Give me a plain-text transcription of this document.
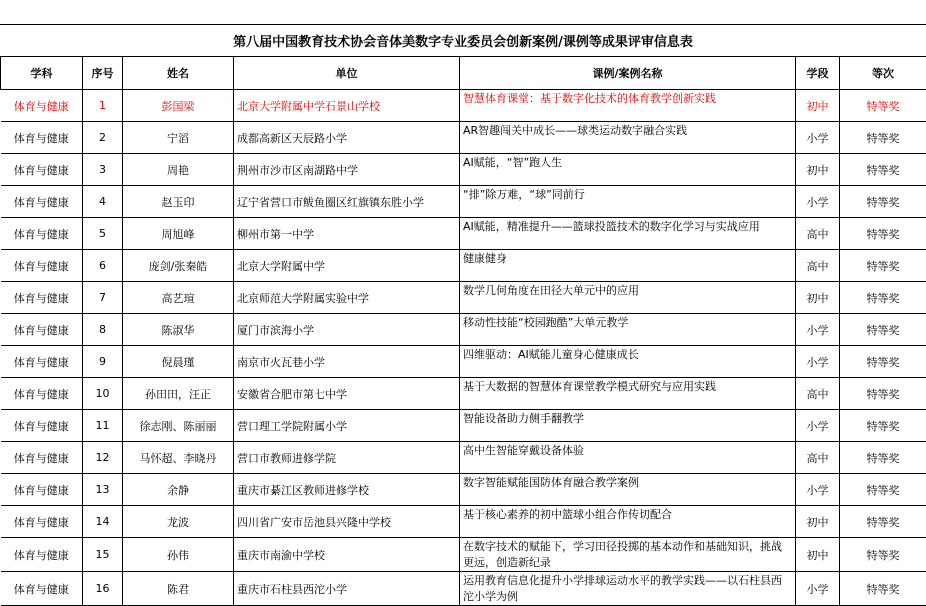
第八届中国教育技术协会音体美数字专业委员会创新案例/课例等成果评审信息表
学科	序号	姓名	单位	课例/案例名称	学段	等次
体育与健康	1	彭国梁	北京大学附属中学石景山学校	智慧体育课堂：基于数字化技术的体育教学创新实践	初中	特等奖
体育与健康	2	宁滔	成都高新区天辰路小学	AR智趣闯关中成长——球类运动数字融合实践	小学	特等奖
体育与健康	3	周艳	荆州市沙市区南湖路中学	AI赋能，“智”跑人生	初中	特等奖
体育与健康	4	赵玉印	辽宁省营口市鲅鱼圈区红旗镇东胜小学	“排”除万难，“球”同前行	小学	特等奖
体育与健康	5	周旭峰	柳州市第一中学	AI赋能，精准提升——篮球投篮技术的数字化学习与实战应用	高中	特等奖
体育与健康	6	庞剑/张秦皓	北京大学附属中学	健康健身	高中	特等奖
体育与健康	7	高艺瑄	北京师范大学附属实验中学	数学几何角度在田径大单元中的应用	初中	特等奖
体育与健康	8	陈淑华	厦门市滨海小学	移动性技能“校园跑酷”大单元教学	小学	特等奖
体育与健康	9	倪晨瑾	南京市火瓦巷小学	四维驱动：AI赋能儿童身心健康成长	小学	特等奖
体育与健康	10	孙田田，汪正	安徽省合肥市第七中学	基于大数据的智慧体育课堂教学模式研究与应用实践	高中	特等奖
体育与健康	11	徐志刚、陈丽丽	营口理工学院附属小学	智能设备助力侧手翻教学	小学	特等奖
体育与健康	12	马怀超、李晓丹	营口市教师进修学院	高中生智能穿戴设备体验	高中	特等奖
体育与健康	13	余静	重庆市綦江区教师进修学校	数字智能赋能国防体育融合教学案例	小学	特等奖
体育与健康	14	龙波	四川省广安市岳池县兴隆中学校	基于核心素养的初中篮球小组合作传切配合	初中	特等奖
体育与健康	15	孙伟	重庆市南渝中学校	在数字技术的赋能下，学习田径投掷的基本动作和基础知识，挑战更远，创造新纪录	初中	特等奖
体育与健康	16	陈君	重庆市石柱县西沱小学	运用教育信息化提升小学排球运动水平的教学实践——以石柱县西沱小学为例	小学	特等奖
